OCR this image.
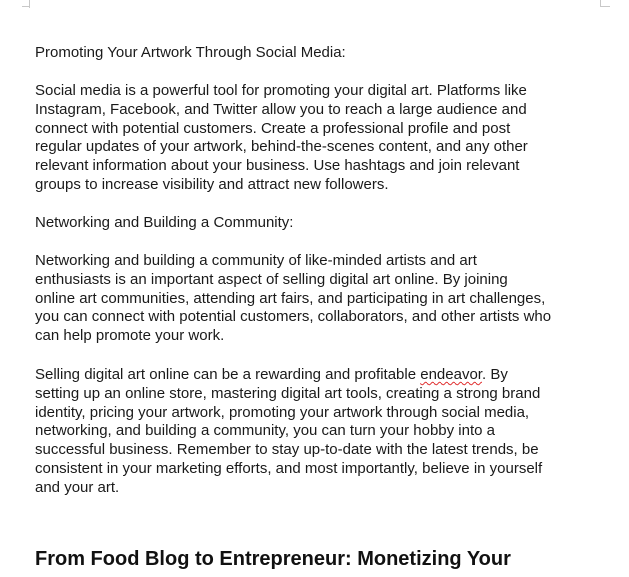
Promoting Your Artwork Through Social Media:

Social media is a powerful tool for promoting your digital art. Platforms like
Instagram, Facebook, and Twitter allow you to reach a large audience and
connect with potential customers. Create a professional profile and post
regular updates of your artwork, behind-the-scenes content, and any other
relevant information about your business. Use hashtags and join relevant
groups to increase visibility and attract new followers.

Networking and Building a Community:

Networking and building a community of like-minded artists and art
enthusiasts is an important aspect of selling digital art online. By joining
online art communities, attending art fairs, and participating in art challenges,
you can connect with potential customers, collaborators, and other artists who
can help promote your work.

Selling digital art online can be a rewarding and profitable endeavor. By
setting up an online store, mastering digital art tools, creating a strong brand
identity, pricing your artwork, promoting your artwork through social media,
networking, and building a community, you can turn your hobby into a
successful business. Remember to stay up-to-date with the latest trends, be
consistent in your marketing efforts, and most importantly, believe in yourself
and your art.

From Food Blog to Entrepreneur: Monetizing Your
